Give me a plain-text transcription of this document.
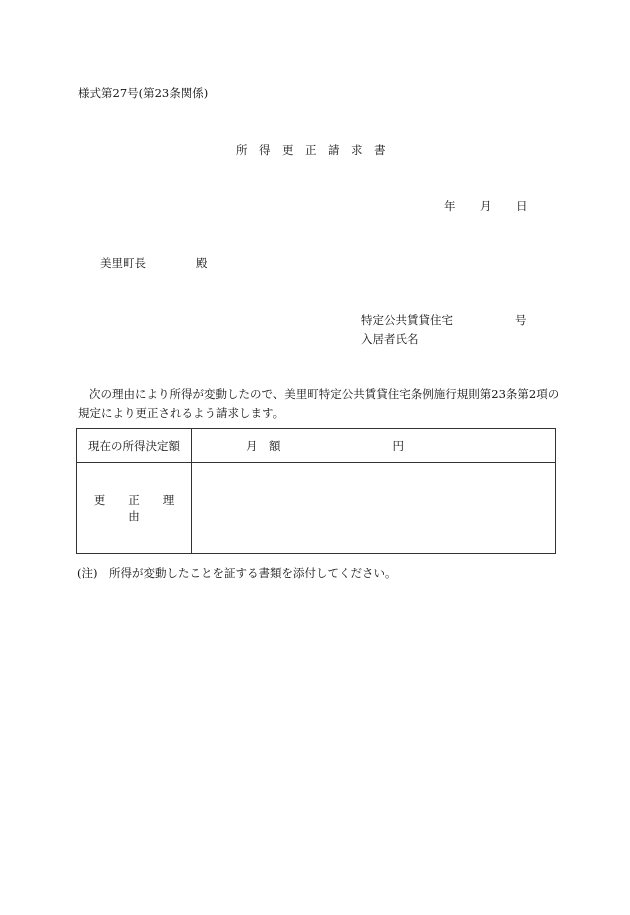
様式第27号(第23条関係)
所　得　更　正　請　求　書
年 月 日
美里町長	殿
特定公共賃貸住宅	号
入居者氏名
次の理由により所得が変動したので、美里町特定公共賃貸住宅条例施行規則第23条第2項の規定により更正されるよう請求します。
現在の所得決定額	月　額 円
更　　正　　理　　由	
(注)　所得が変動したことを証する書類を添付してください。
